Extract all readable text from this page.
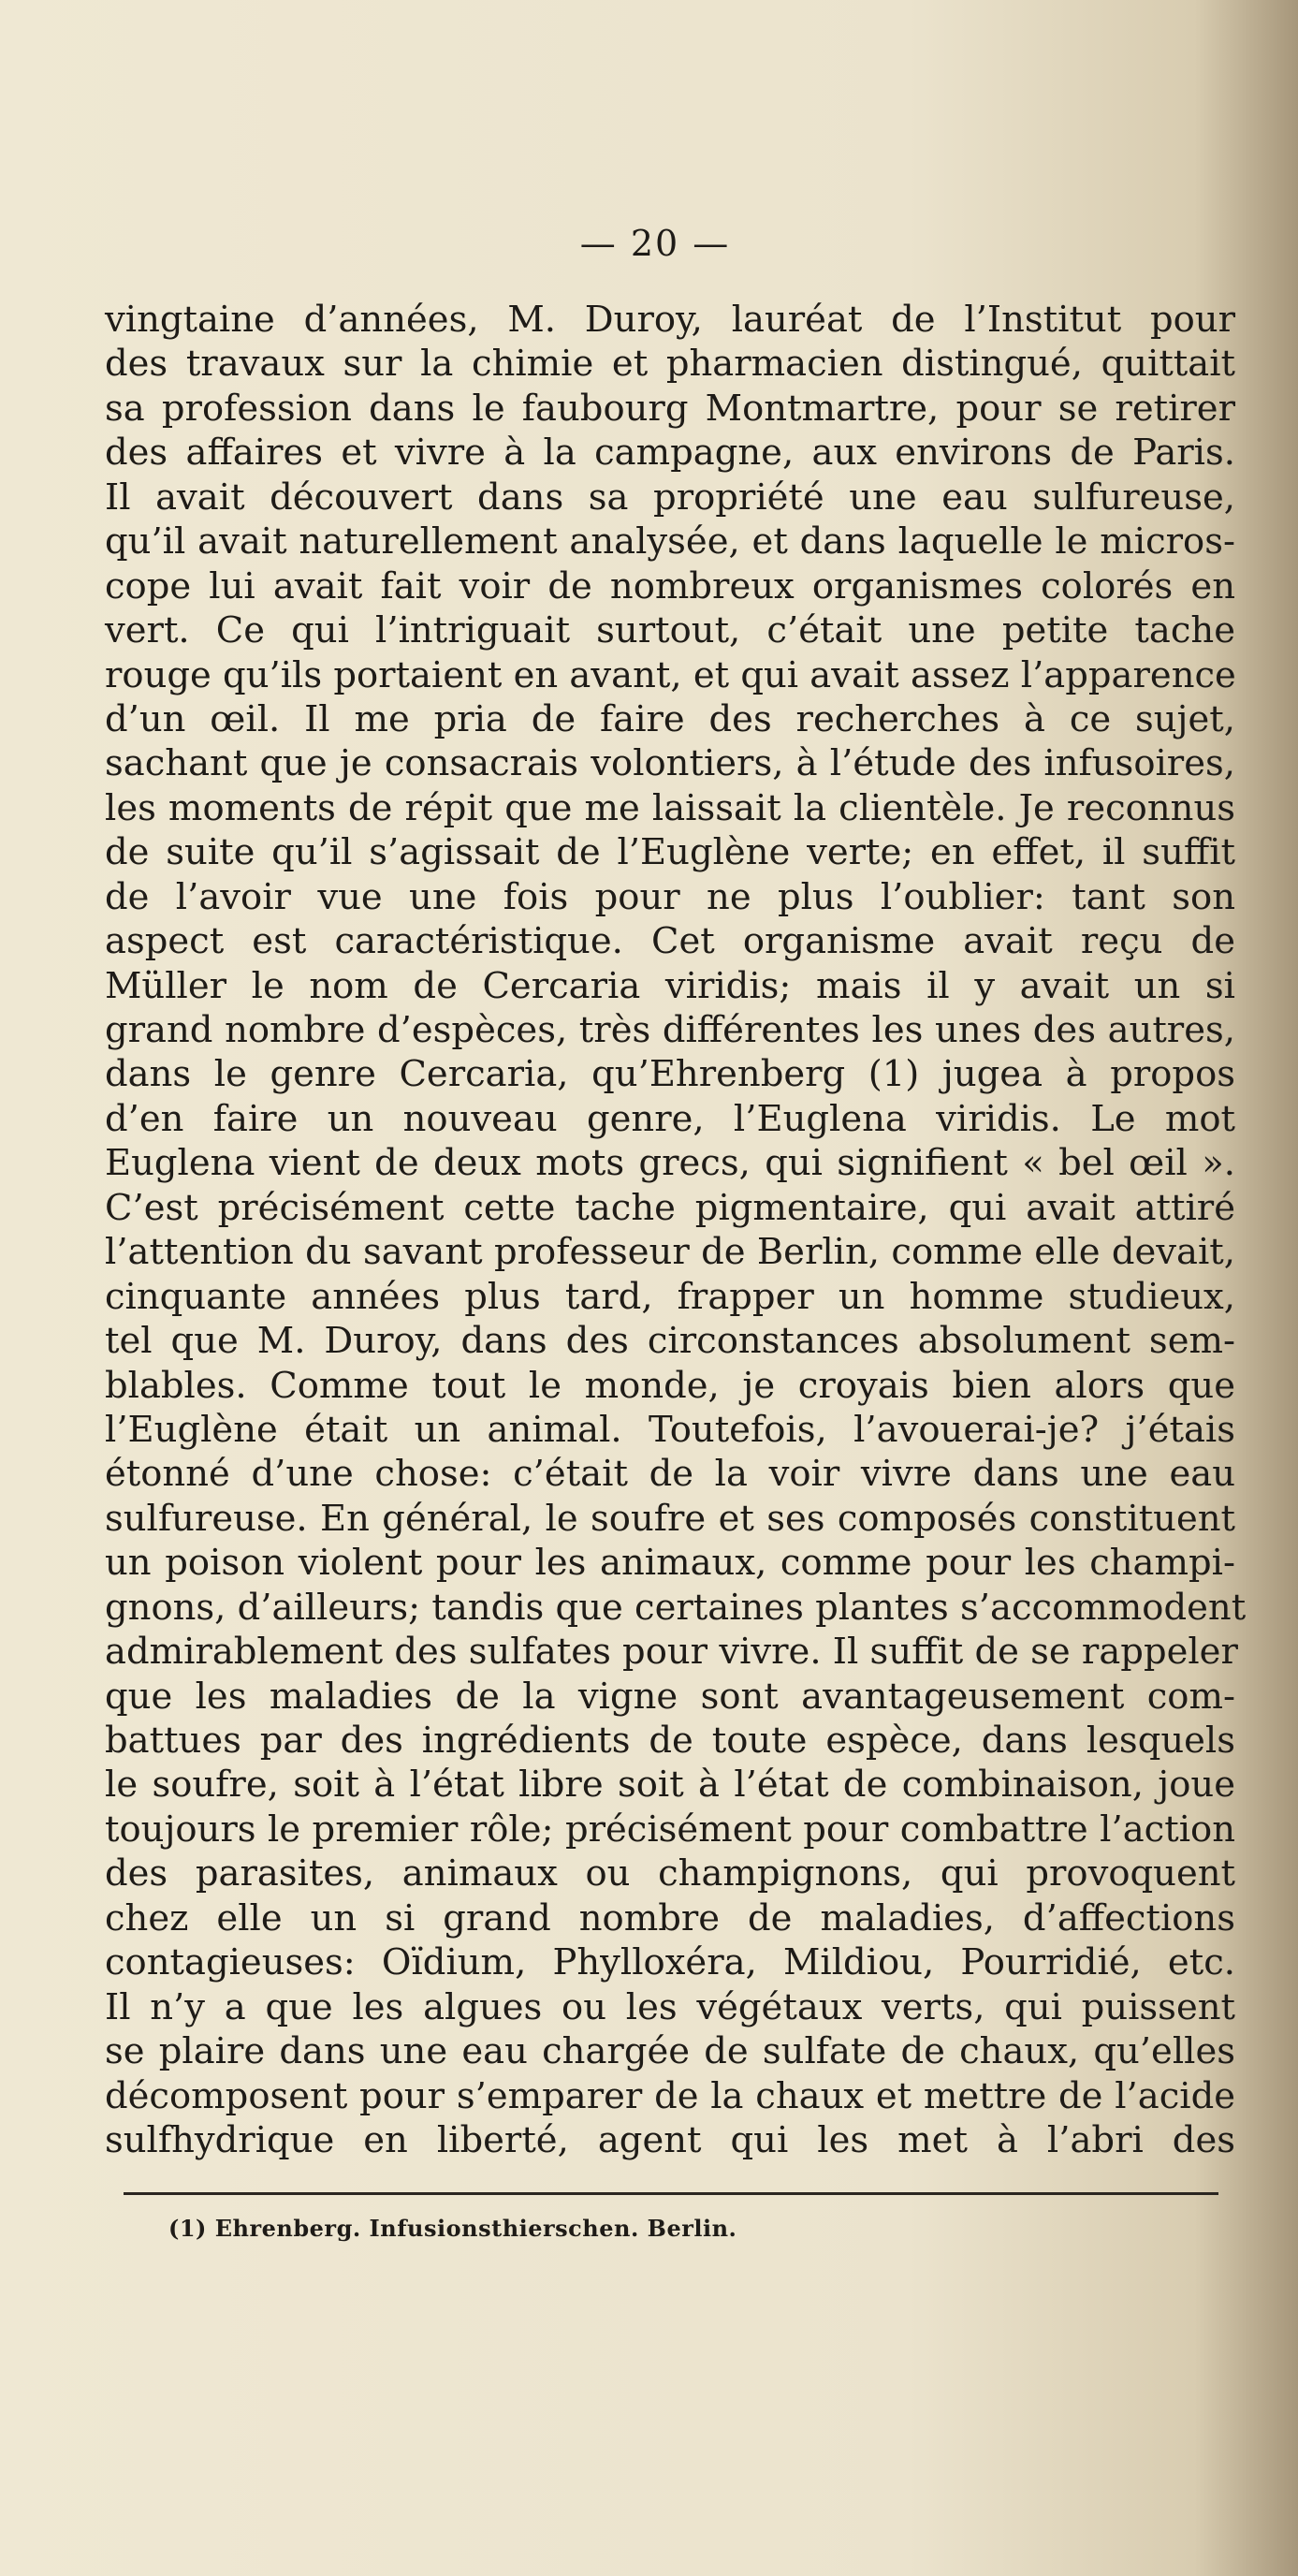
— 20 —
vingtaine d’années, M. Duroy, lauréat de l’Institut pour
des travaux sur la chimie et pharmacien distingué, quittait
sa profession dans le faubourg Montmartre, pour se retirer
des affaires et vivre à la campagne, aux environs de Paris.
Il avait découvert dans sa propriété une eau sulfureuse,
qu’il avait naturellement analysée, et dans laquelle le micros-
cope lui avait fait voir de nombreux organismes colorés en
vert. Ce qui l’intriguait surtout, c’était une petite tache
rouge qu’ils portaient en avant, et qui avait assez l’apparence
d’un œil. Il me pria de faire des recherches à ce sujet,
sachant que je consacrais volontiers, à l’étude des infusoires,
les moments de répit que me laissait la clientèle. Je reconnus
de suite qu’il s’agissait de l’Euglène verte; en effet, il suffit
de l’avoir vue une fois pour ne plus l’oublier: tant son
aspect est caractéristique. Cet organisme avait reçu de
Müller le nom de Cercaria viridis; mais il y avait un si
grand nombre d’espèces, très différentes les unes des autres,
dans le genre Cercaria, qu’Ehrenberg (1) jugea à propos
d’en faire un nouveau genre, l’Euglena viridis. Le mot
Euglena vient de deux mots grecs, qui signifient « bel œil ».
C’est précisément cette tache pigmentaire, qui avait attiré
l’attention du savant professeur de Berlin, comme elle devait,
cinquante années plus tard, frapper un homme studieux,
tel que M. Duroy, dans des circonstances absolument sem-
blables. Comme tout le monde, je croyais bien alors que
l’Euglène était un animal. Toutefois, l’avouerai-je? j’étais
étonné d’une chose: c’était de la voir vivre dans une eau
sulfureuse. En général, le soufre et ses composés constituent
un poison violent pour les animaux, comme pour les champi-
gnons, d’ailleurs; tandis que certaines plantes s’accommodent
admirablement des sulfates pour vivre. Il suffit de se rappeler
que les maladies de la vigne sont avantageusement com-
battues par des ingrédients de toute espèce, dans lesquels
le soufre, soit à l’état libre soit à l’état de combinaison, joue
toujours le premier rôle; précisément pour combattre l’action
des parasites, animaux ou champignons, qui provoquent
chez elle un si grand nombre de maladies, d’affections
contagieuses: Oïdium, Phylloxéra, Mildiou, Pourridié, etc.
Il n’y a que les algues ou les végétaux verts, qui puissent
se plaire dans une eau chargée de sulfate de chaux, qu’elles
décomposent pour s’emparer de la chaux et mettre de l’acide
sulfhydrique en liberté, agent qui les met à l’abri des
(1) Ehrenberg. Infusionsthierschen. Berlin.
